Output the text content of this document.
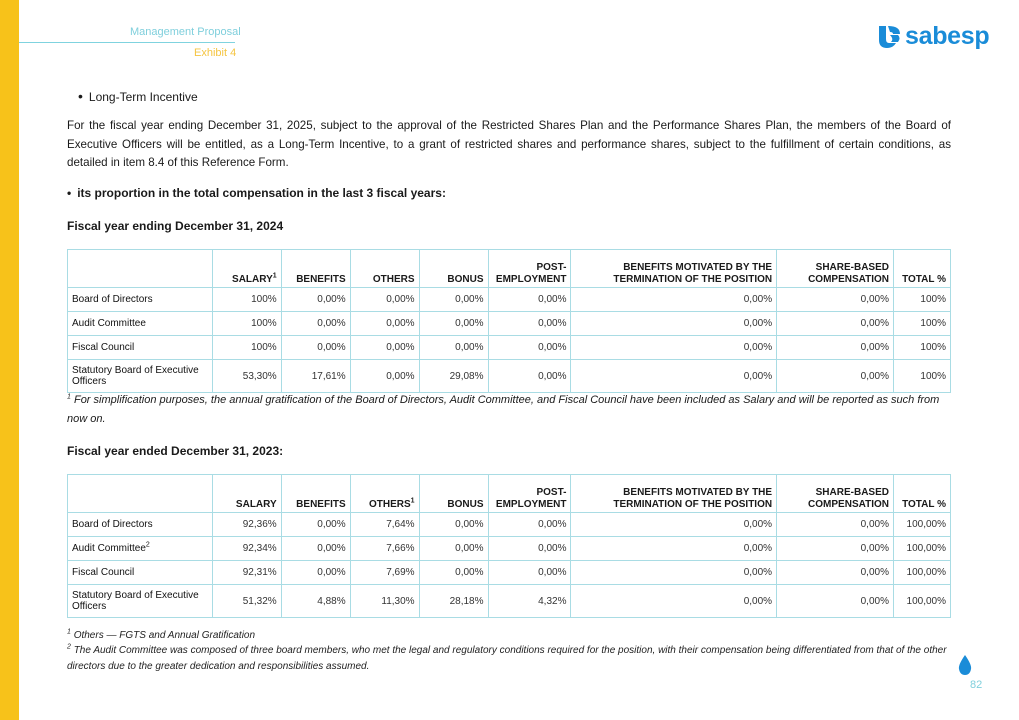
Management Proposal
Exhibit 4
sabesp
• Long-Term Incentive
For the fiscal year ending December 31, 2025, subject to the approval of the Restricted Shares Plan and the Performance Shares Plan, the members of the Board of Executive Officers will be entitled, as a Long-Term Incentive, to a grant of restricted shares and performance shares, subject to the fulfillment of certain conditions, as detailed in item 8.4 of this Reference Form.
• its proportion in the total compensation in the last 3 fiscal years:
Fiscal year ending December 31, 2024
	SALARY$^1$	BENEFITS	OTHERS	BONUS	POST-EMPLOYMENT	BENEFITS MOTIVATED BY THE TERMINATION OF THE POSITION	SHARE-BASED COMPENSATION	TOTAL %
Board of Directors	100%	0,00%	0,00%	0,00%	0,00%	0,00%	0,00%	100%
Audit Committee	100%	0,00%	0,00%	0,00%	0,00%	0,00%	0,00%	100%
Fiscal Council	100%	0,00%	0,00%	0,00%	0,00%	0,00%	0,00%	100%
Statutory Board of Executive Officers	53,30%	17,61%	0,00%	29,08%	0,00%	0,00%	0,00%	100%
$^1$ For simplification purposes, the annual gratification of the Board of Directors, Audit Committee, and Fiscal Council have been included as Salary and will be reported as such from now on.
Fiscal year ended December 31, 2023:
	SALARY	BENEFITS	OTHERS$^1$	BONUS	POST-EMPLOYMENT	BENEFITS MOTIVATED BY THE TERMINATION OF THE POSITION	SHARE-BASED COMPENSATION	TOTAL %
Board of Directors	92,36%	0,00%	7,64%	0,00%	0,00%	0,00%	0,00%	100,00%
Audit Committee$^2$	92,34%	0,00%	7,66%	0,00%	0,00%	0,00%	0,00%	100,00%
Fiscal Council	92,31%	0,00%	7,69%	0,00%	0,00%	0,00%	0,00%	100,00%
Statutory Board of Executive Officers	51,32%	4,88%	11,30%	28,18%	4,32%	0,00%	0,00%	100,00%
$^1$ Others — FGTS and Annual Gratification
$^2$ The Audit Committee was composed of three board members, who met the legal and regulatory conditions required for the position, with their compensation being differentiated from that of the other directors due to the greater dedication and responsibilities assumed.
82
